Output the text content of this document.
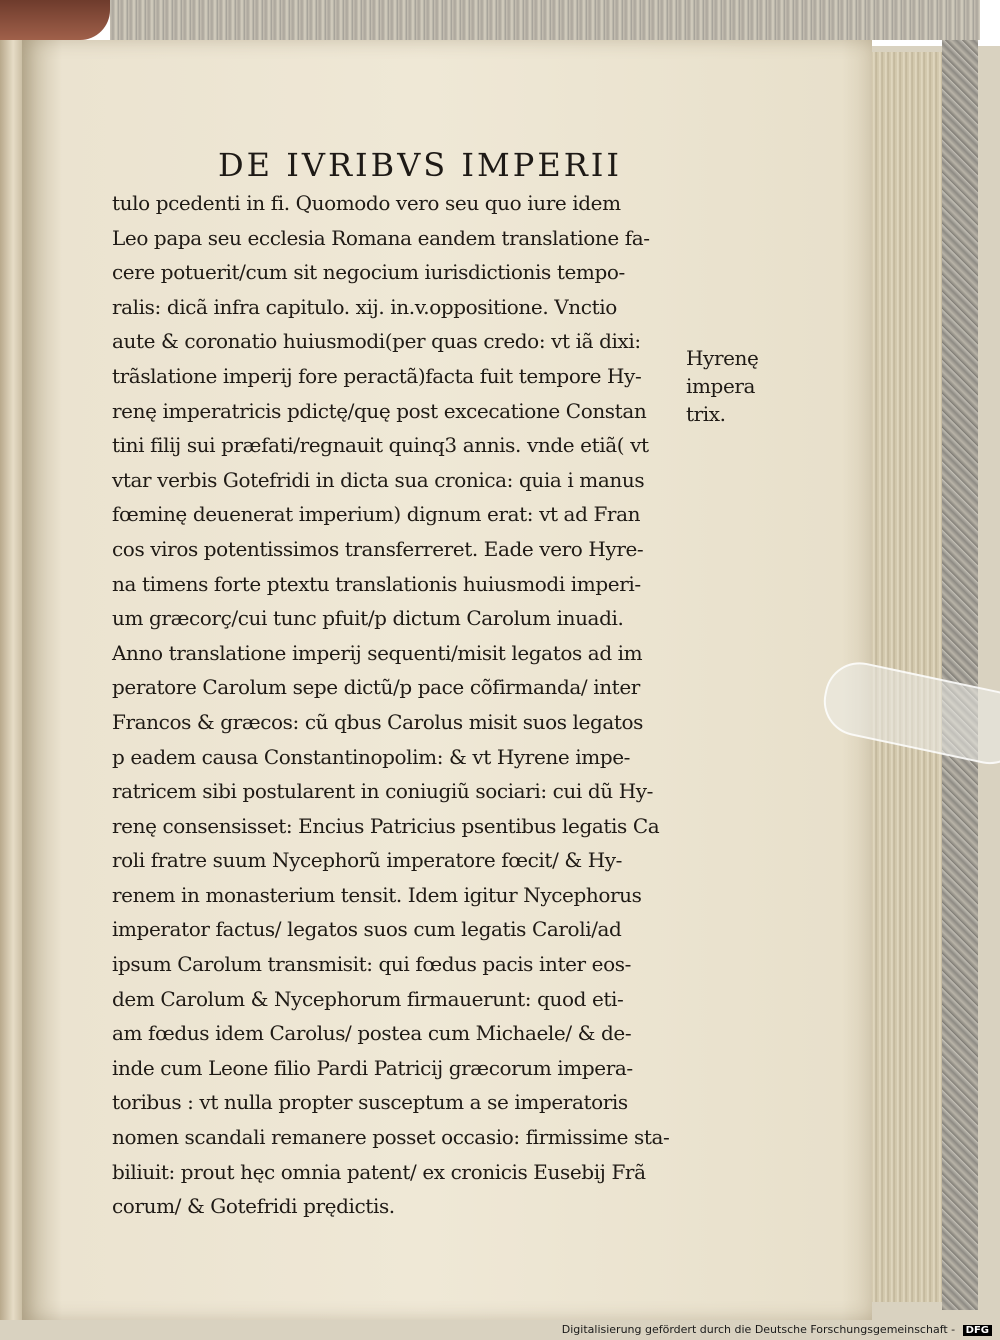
DE IVRIBVS IMPERII
tulo pcedenti in fi. Quomodo vero seu quo iure idem
Leo papa seu ecclesia Romana eandem translatione fa-
cere potuerit/cum sit negocium iurisdictionis tempo-
ralis: dicã infra capitulo. xij. in.v.oppositione. Vnctio
aute & coronatio huiusmodi(per quas credo: vt iã dixi:
trãslatione imperij fore peractã)facta fuit tempore Hy-
renę imperatricis pdictę/quę post excecatione Constan
tini filij sui præfati/regnauit quinq3 annis. vnde etiã( vt
vtar verbis Gotefridi in dicta sua cronica: quia i manus
fœminę deuenerat imperium) dignum erat: vt ad Fran
cos viros potentissimos transferreret. Eade vero Hyre-
na timens forte ptextu translationis huiusmodi imperi-
um græcorç/cui tunc pfuit/p dictum Carolum inuadi.
Anno translatione imperij sequenti/misit legatos ad im
peratore Carolum sepe dictũ/p pace cõfirmanda/ inter
Francos & græcos: cũ qbus Carolus misit suos legatos
p eadem causa Constantinopolim: & vt Hyrene impe-
ratricem sibi postularent in coniugiũ sociari: cui dũ Hy-
renę consensisset: Encius Patricius psentibus legatis Ca
roli fratre suum Nycephorũ imperatore fœcit/ & Hy-
renem in monasterium tensit. Idem igitur Nycephorus
imperator factus/ legatos suos cum legatis Caroli/ad
ipsum Carolum transmisit: qui fœdus pacis inter eos-
dem Carolum & Nycephorum firmauerunt: quod eti-
am fœdus idem Carolus/ postea cum Michaele/ & de-
inde cum Leone filio Pardi Patricij græcorum impera-
toribus : vt nulla propter susceptum a se imperatoris
nomen scandali remanere posset occasio: firmissime sta-
biliuit: prout hęc omnia patent/ ex cronicis Eusebij Frã
corum/ & Gotefridi prędictis.
Hyrenę
impera
trix.
Digitalisierung gefördert durch die Deutsche Forschungsgemeinschaft - DFG
